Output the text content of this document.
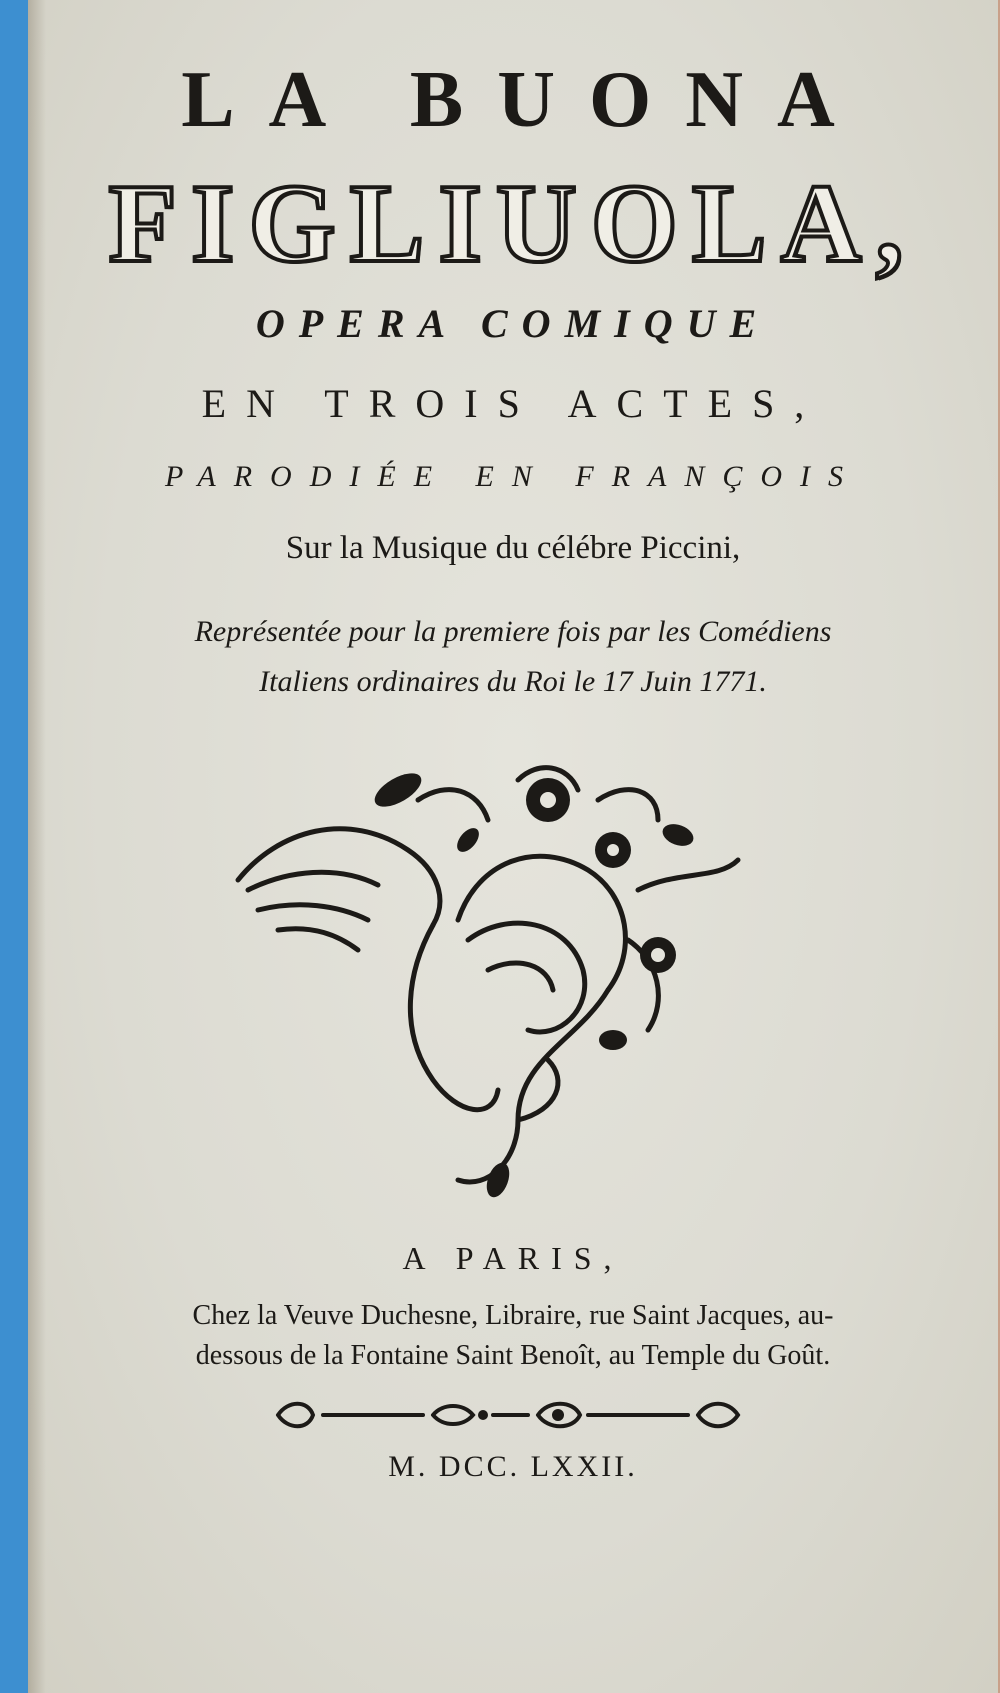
LA BUONA
FIGLIUOLA,
OPERA COMIQUE
EN TROIS ACTES,
PARODIÉE EN FRANÇOIS
Sur la Musique du célébre Piccini,
Représentée pour la premiere fois par les Comédiens
Italiens ordinaires du Roi le 17 Juin 1771.
A PARIS,
Chez la Veuve Duchesne, Libraire, rue Saint Jacques, au-
dessous de la Fontaine Saint Benoît, au Temple du Goût.
M. DCC. LXXII.
